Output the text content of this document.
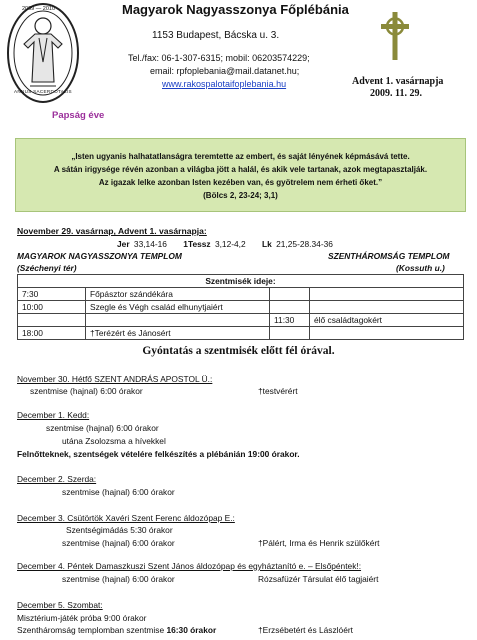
2009 — 2010
ANNUS SACERDOTALIS
Magyarok Nagyasszonya Főplébánia
1153 Budapest, Bácska u. 3.
Tel./fax: 06-1-307-6315; mobil: 06203574229;
email: rpfoplebania@mail.datanet.hu;
www.rakospalotaifoplebania.hu	Advent 1. vasárnapja
2009. 11. 29.
Papság éve
„Isten ugyanis halhatatlanságra teremtette az embert, és saját lényének képmásává tette.
A sátán irigysége révén azonban a világba jött a halál, és akik vele tartanak, azok megtapasztalják.
Az igazak lelke azonban Isten kezében van, és gyötrelem nem érheti őket.”
(Bölcs 2, 23-24; 3,1)
November 29. vasárnap, Advent 1. vasárnapja:
Jer 33,14-16 1Tessz 3,12-4,2 Lk 21,25-28.34-36
MAGYAROK NAGYASSZONYA TEMPLOM
(Széchenyi tér)
SZENTHÁROMSÁG TEMPLOM
(Kossuth u.)
Szentmisék ideje:			
7:30	Főpásztor szándékára		
10:00	Szegle és Végh család elhunytjaiért		
		11:30	élő családtagokért
18:00	†Terézért és Jánosért		
Gyóntatás a szentmisék előtt fél órával.
November 30. Hétfő SZENT ANDRÁS APOSTOL Ü.:
szentmise (hajnal) 6:00 órakor	†testvérért
December 1. Kedd:
szentmise (hajnal) 6:00 órakor
utána Zsolozsma a hívekkel
Felnőtteknek, szentségek vételére felkészítés a plébánián 19:00 órakor.
December 2. Szerda:
szentmise (hajnal) 6:00 órakor
December 3. Csütörtök Xavéri Szent Ferenc áldozópap E.:
Szentségimádás 5:30 órakor
szentmise (hajnal) 6:00 órakor	†Pálért, Irma és Henrik szülőkért
December 4. Péntek Damaszkuszi Szent János áldozópap és egyháztanító e. – Elsőpéntek!:
szentmise (hajnal) 6:00 órakor	Rózsafüzér Társulat élő tagjaiért
December 5. Szombat:
Misztérium-játék próba 9:00 órakor
Szentháromság templomban szentmise 16:30 órakor	†Erzsébetért és Lászlóért
